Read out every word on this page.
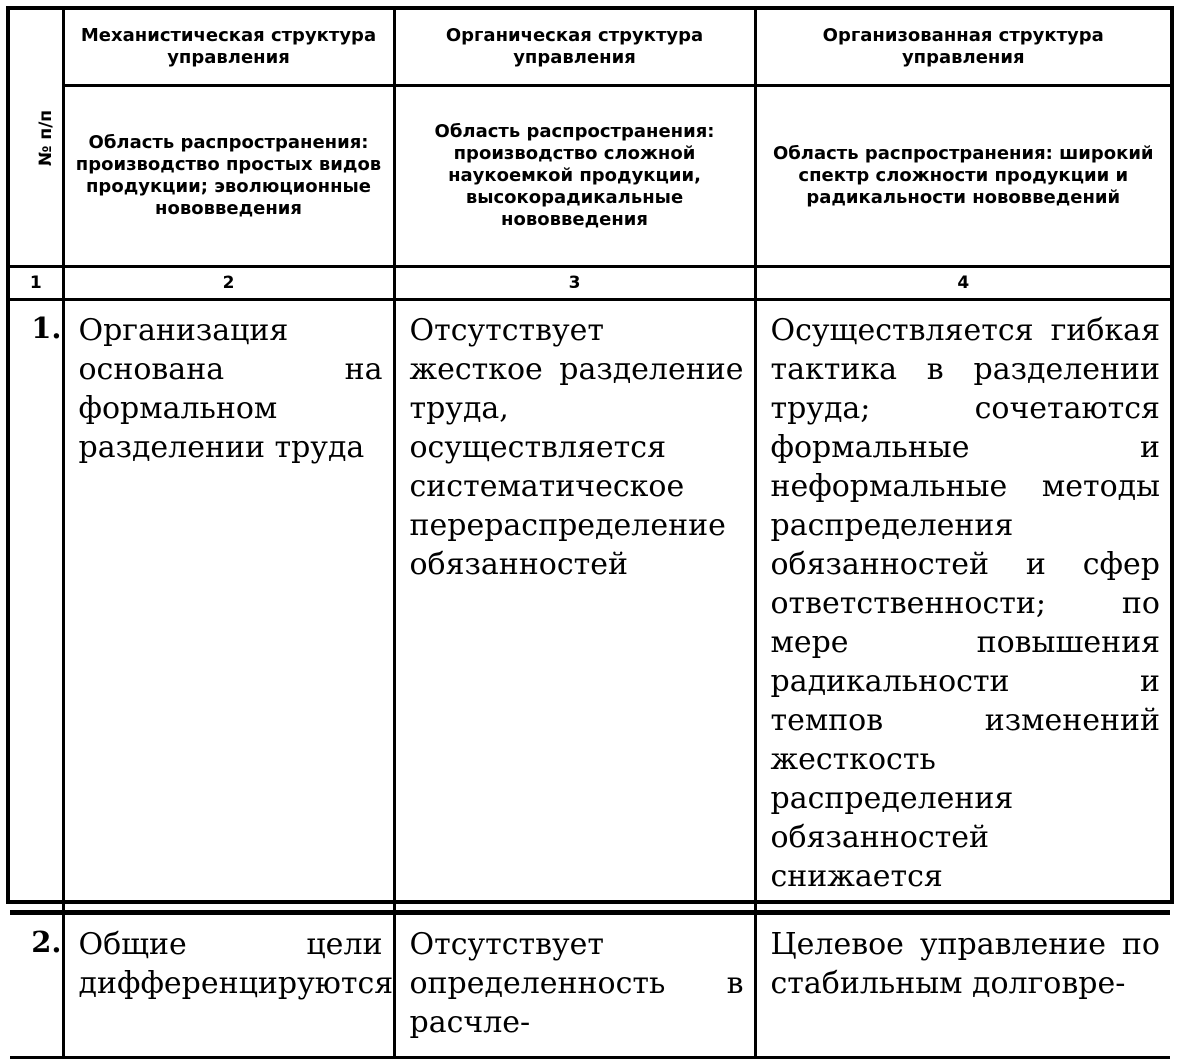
№ п/п	Механистическая структура управления	Органическая структура управления	Организованная структура управления
	Область распространения: производство простых видов продукции; эволюционные нововведения	Область распространения: производство сложной наукоемкой продукции, высокорадикальные нововведения	Область распространения: широкий спектр сложности продукции и радикальности нововведений
1	2	3	4
1.	Организация основана на формальном разделении труда	Отсутствует жесткое разделение труда, осуществляется систематическое перераспределение обязанностей	Осуществляется гибкая тактика в разделении труда; сочетаются формальные и неформальные методы распределения обязанностей и сфер ответственности; по мере повышения радикальности и темпов изменений жесткость распределения обязанностей снижается
2.	Общие цели дифференцируются	Отсутствует определенность в расчле-	Целевое управление по стабильным долговре-
